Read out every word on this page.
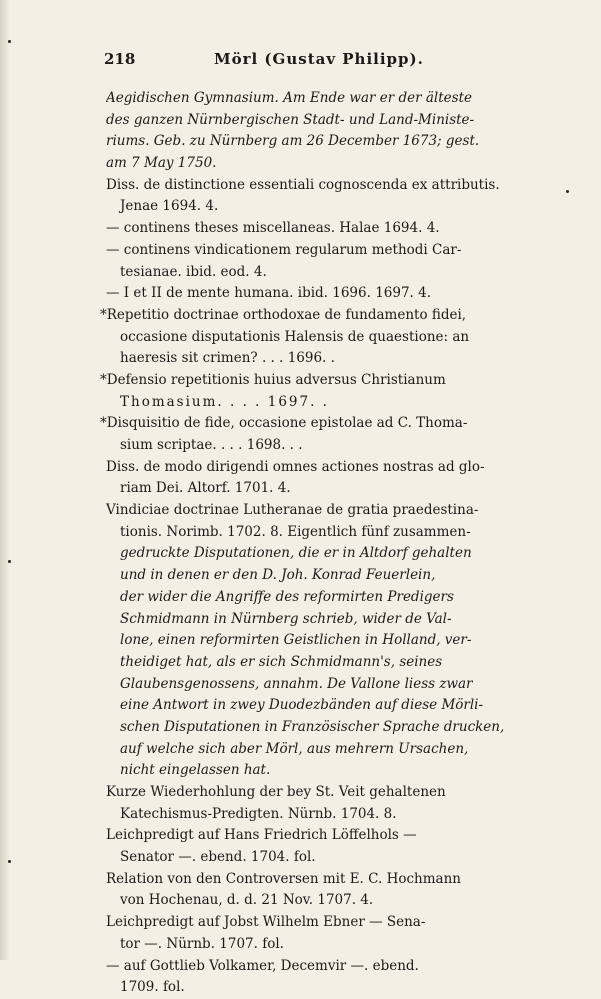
218	Mörl (Gustav Philipp).
Aegidischen Gymnasium. Am Ende war er der älteste
des ganzen Nürnbergischen Stadt- und Land-Ministe-
riums. Geb. zu Nürnberg am 26 December 1673; gest.
am 7 May 1750.
Diss. de distinctione essentiali cognoscenda ex attributis.
Jenae 1694. 4.
— continens theses miscellaneas. Halae 1694. 4.
— continens vindicationem regularum methodi Car-
tesianae. ibid. eod. 4.
— I et II de mente humana. ibid. 1696. 1697. 4.
*Repetitio doctrinae orthodoxae de fundamento fidei,
occasione disputationis Halensis de quaestione: an
haeresis sit crimen? . . . 1696. .
*Defensio repetitionis huius adversus Christianum
Thomasium. . . . 1697. .
*Disquisitio de fide, occasione epistolae ad C. Thoma-
sium scriptae. . . . 1698. . .
Diss. de modo dirigendi omnes actiones nostras ad glo-
riam Dei. Altorf. 1701. 4.
Vindiciae doctrinae Lutheranae de gratia praedestina-
tionis. Norimb. 1702. 8. Eigentlich fünf zusammen-
gedruckte Disputationen, die er in Altdorf gehalten
und in denen er den D. Joh. Konrad Feuerlein,
der wider die Angriffe des reformirten Predigers
Schmidmann in Nürnberg schrieb, wider de Val-
lone, einen reformirten Geistlichen in Holland, ver-
theidiget hat, als er sich Schmidmann's, seines
Glaubensgenossens, annahm. De Vallone liess zwar
eine Antwort in zwey Duodezbänden auf diese Mörli-
schen Disputationen in Französischer Sprache drucken,
auf welche sich aber Mörl, aus mehrern Ursachen,
nicht eingelassen hat.
Kurze Wiederhohlung der bey St. Veit gehaltenen
Katechismus-Predigten. Nürnb. 1704. 8.
Leichpredigt auf Hans Friedrich Löffelhols —
Senator —. ebend. 1704. fol.
Relation von den Controversen mit E. C. Hochmann
von Hochenau, d. d. 21 Nov. 1707. 4.
Leichpredigt auf Jobst Wilhelm Ebner — Sena-
tor —. Nürnb. 1707. fol.
— auf Gottlieb Volkamer, Decemvir —. ebend.
1709. fol.
